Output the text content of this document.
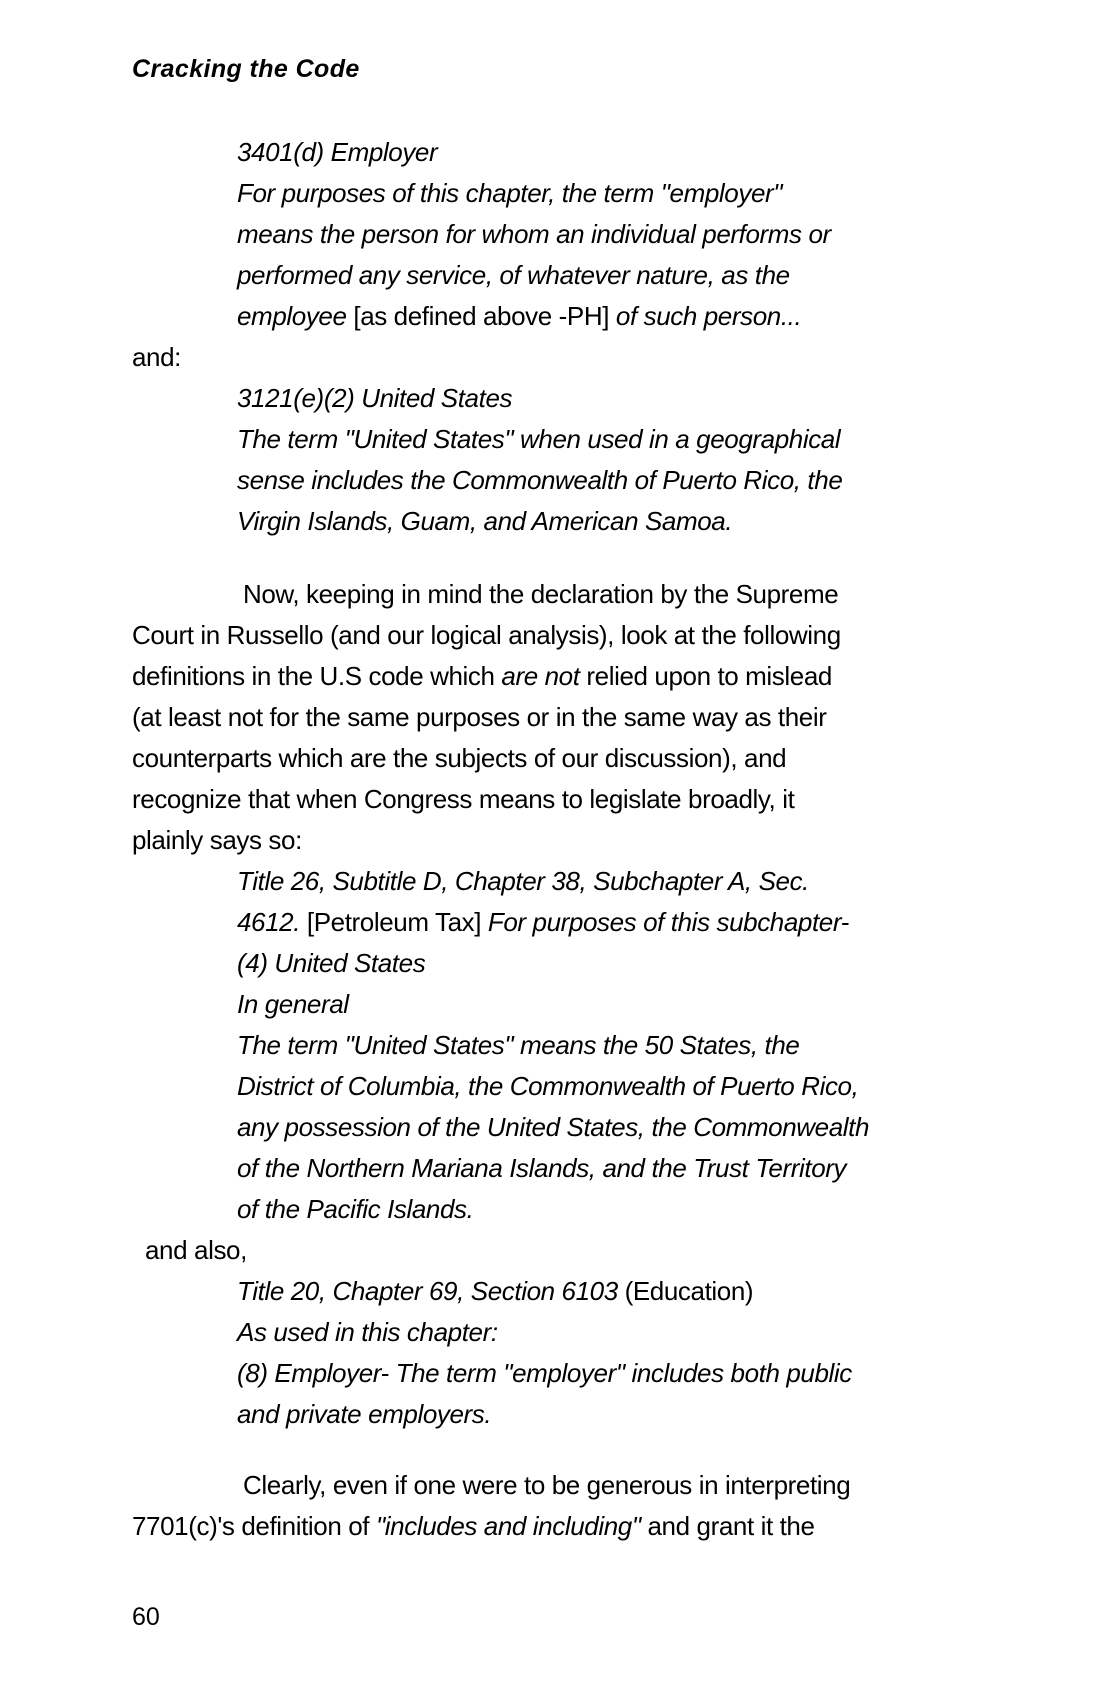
Cracking the Code
3401(d) Employer
For purposes of this chapter, the term "employer"
means the person for whom an individual performs or
performed any service, of whatever nature, as the
employee [as defined above -PH] of such person...
and:
3121(e)(2) United States
The term "United States" when used in a geographical
sense includes the Commonwealth of Puerto Rico, the
Virgin Islands, Guam, and American Samoa.
Now, keeping in mind the declaration by the Supreme
Court in Russello (and our logical analysis), look at the following
definitions in the U.S code which are not relied upon to mislead
(at least not for the same purposes or in the same way as their
counterparts which are the subjects of our discussion), and
recognize that when Congress means to legislate broadly, it
plainly says so:
Title 26, Subtitle D, Chapter 38, Subchapter A, Sec.
4612. [Petroleum Tax] For purposes of this subchapter-
(4) United States
In general
The term "United States" means the 50 States, the
District of Columbia, the Commonwealth of Puerto Rico,
any possession of the United States, the Commonwealth
of the Northern Mariana Islands, and the Trust Territory
of the Pacific Islands.
and also,
Title 20, Chapter 69, Section 6103 (Education)
As used in this chapter:
(8) Employer- The term "employer" includes both public
and private employers.
Clearly, even if one were to be generous in interpreting
7701(c)'s definition of "includes and including" and grant it the
60
